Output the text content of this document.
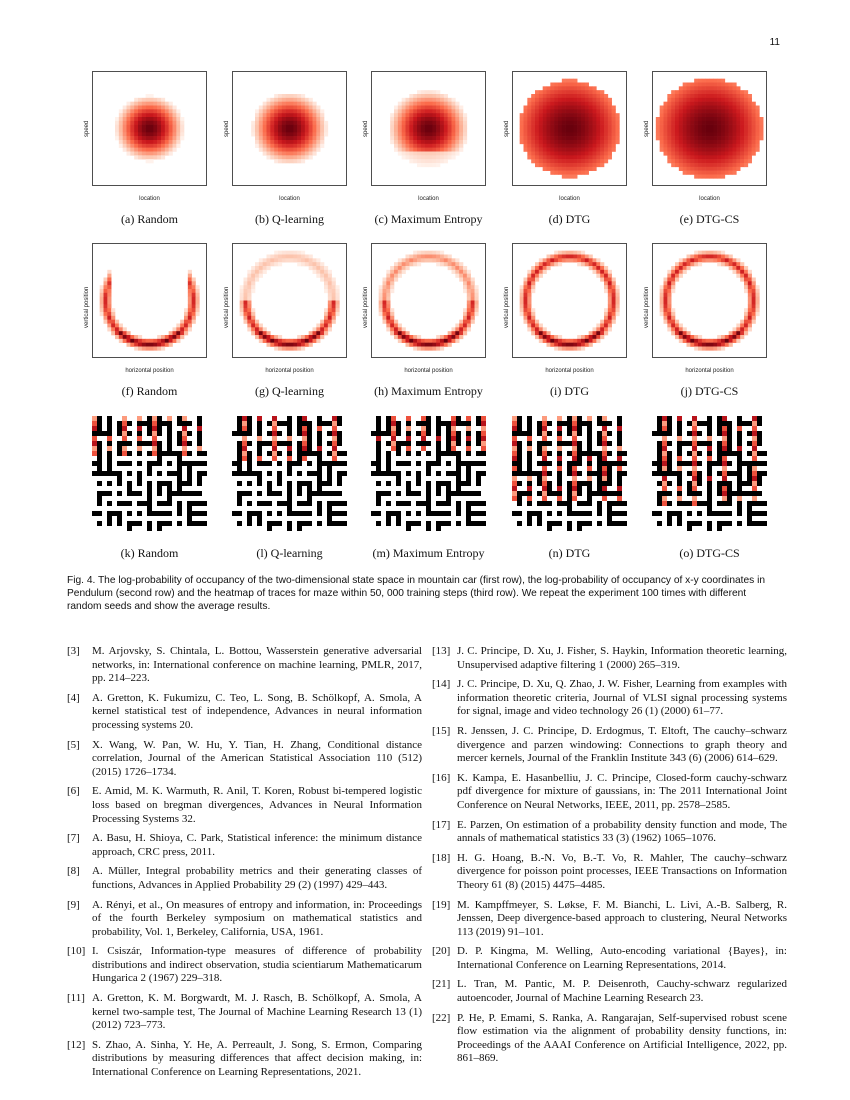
11
location
speed
(a) Random
location
speed
(b) Q-learning
location
speed
(c) Maximum Entropy
location
speed
(d) DTG
location
speed
(e) DTG-CS
horizontal position
vertical position
(f) Random
horizontal position
vertical position
(g) Q-learning
horizontal position
vertical position
(h) Maximum Entropy
horizontal position
vertical position
(i) DTG
horizontal position
vertical position
(j) DTG-CS
(k) Random	(l) Q-learning	(m) Maximum Entropy	(n) DTG	(o) DTG-CS
Fig. 4. The log-probability of occupancy of the two-dimensional state space in mountain car (first row), the log-probability of occupancy of x-y coordinates in Pendulum (second row) and the heatmap of traces for maze within 50, 000 training steps (third row). We repeat the experiment 100 times with different random seeds and show the average results.
[3] M. Arjovsky, S. Chintala, L. Bottou, Wasserstein generative adversarial networks, in: International conference on machine learning, PMLR, 2017, pp. 214–223.
[4] A. Gretton, K. Fukumizu, C. Teo, L. Song, B. Schölkopf, A. Smola, A kernel statistical test of independence, Advances in neural information processing systems 20.
[5] X. Wang, W. Pan, W. Hu, Y. Tian, H. Zhang, Conditional distance correlation, Journal of the American Statistical Association 110 (512) (2015) 1726–1734.
[6] E. Amid, M. K. Warmuth, R. Anil, T. Koren, Robust bi-tempered logistic loss based on bregman divergences, Advances in Neural Information Processing Systems 32.
[7] A. Basu, H. Shioya, C. Park, Statistical inference: the minimum distance approach, CRC press, 2011.
[8] A. Müller, Integral probability metrics and their generating classes of functions, Advances in Applied Probability 29 (2) (1997) 429–443.
[9] A. Rényi, et al., On measures of entropy and information, in: Proceedings of the fourth Berkeley symposium on mathematical statistics and probability, Vol. 1, Berkeley, California, USA, 1961.
[10] I. Csiszár, Information-type measures of difference of probability distributions and indirect observation, studia scientiarum Mathematicarum Hungarica 2 (1967) 229–318.
[11] A. Gretton, K. M. Borgwardt, M. J. Rasch, B. Schölkopf, A. Smola, A kernel two-sample test, The Journal of Machine Learning Research 13 (1) (2012) 723–773.
[12] S. Zhao, A. Sinha, Y. He, A. Perreault, J. Song, S. Ermon, Comparing distributions by measuring differences that affect decision making, in: International Conference on Learning Representations, 2021.
[13] J. C. Principe, D. Xu, J. Fisher, S. Haykin, Information theoretic learning, Unsupervised adaptive filtering 1 (2000) 265–319.
[14] J. C. Principe, D. Xu, Q. Zhao, J. W. Fisher, Learning from examples with information theoretic criteria, Journal of VLSI signal processing systems for signal, image and video technology 26 (1) (2000) 61–77.
[15] R. Jenssen, J. C. Principe, D. Erdogmus, T. Eltoft, The cauchy–schwarz divergence and parzen windowing: Connections to graph theory and mercer kernels, Journal of the Franklin Institute 343 (6) (2006) 614–629.
[16] K. Kampa, E. Hasanbelliu, J. C. Principe, Closed-form cauchy-schwarz pdf divergence for mixture of gaussians, in: The 2011 International Joint Conference on Neural Networks, IEEE, 2011, pp. 2578–2585.
[17] E. Parzen, On estimation of a probability density function and mode, The annals of mathematical statistics 33 (3) (1962) 1065–1076.
[18] H. G. Hoang, B.-N. Vo, B.-T. Vo, R. Mahler, The cauchy–schwarz divergence for poisson point processes, IEEE Transactions on Information Theory 61 (8) (2015) 4475–4485.
[19] M. Kampffmeyer, S. Løkse, F. M. Bianchi, L. Livi, A.-B. Salberg, R. Jenssen, Deep divergence-based approach to clustering, Neural Networks 113 (2019) 91–101.
[20] D. P. Kingma, M. Welling, Auto-encoding variational {Bayes}, in: International Conference on Learning Representations, 2014.
[21] L. Tran, M. Pantic, M. P. Deisenroth, Cauchy-schwarz regularized autoencoder, Journal of Machine Learning Research 23.
[22] P. He, P. Emami, S. Ranka, A. Rangarajan, Self-supervised robust scene flow estimation via the alignment of probability density functions, in: Proceedings of the AAAI Conference on Artificial Intelligence, 2022, pp. 861–869.
